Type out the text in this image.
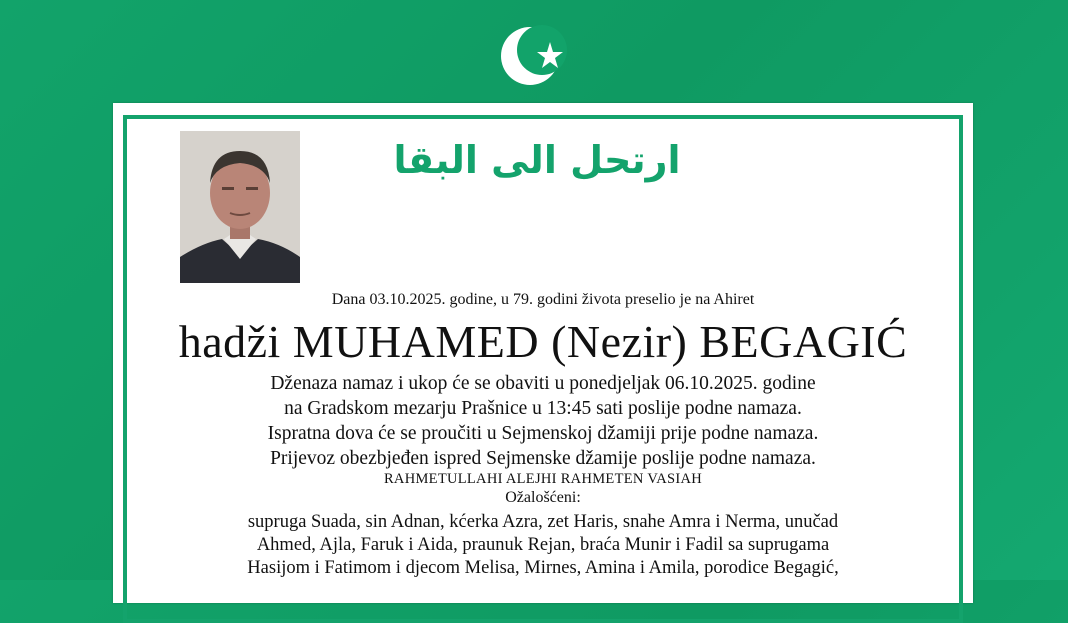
ارتحل الى البقا
Dana 03.10.2025. godine, u 79. godini života preselio je na Ahiret
hadži MUHAMED (Nezir) BEGAGIĆ
Dženaza namaz i ukop će se obaviti u ponedjeljak 06.10.2025. godine
na Gradskom mezarju Prašnice u 13:45 sati poslije podne namaza.
Ispratna dova će se proučiti u Sejmenskoj džamiji prije podne namaza.
Prijevoz obezbjeđen ispred Sejmenske džamije poslije podne namaza.
RAHMETULLAHI ALEJHI RAHMETEN VASIAH
Ožalošćeni:
supruga Suada, sin Adnan, kćerka Azra, zet Haris, snahe Amra i Nerma, unučad
Ahmed, Ajla, Faruk i Aida, praunuk Rejan, braća Munir i Fadil sa suprugama
Hasijom i Fatimom i djecom Melisa, Mirnes, Amina i Amila, porodice Begagić,
